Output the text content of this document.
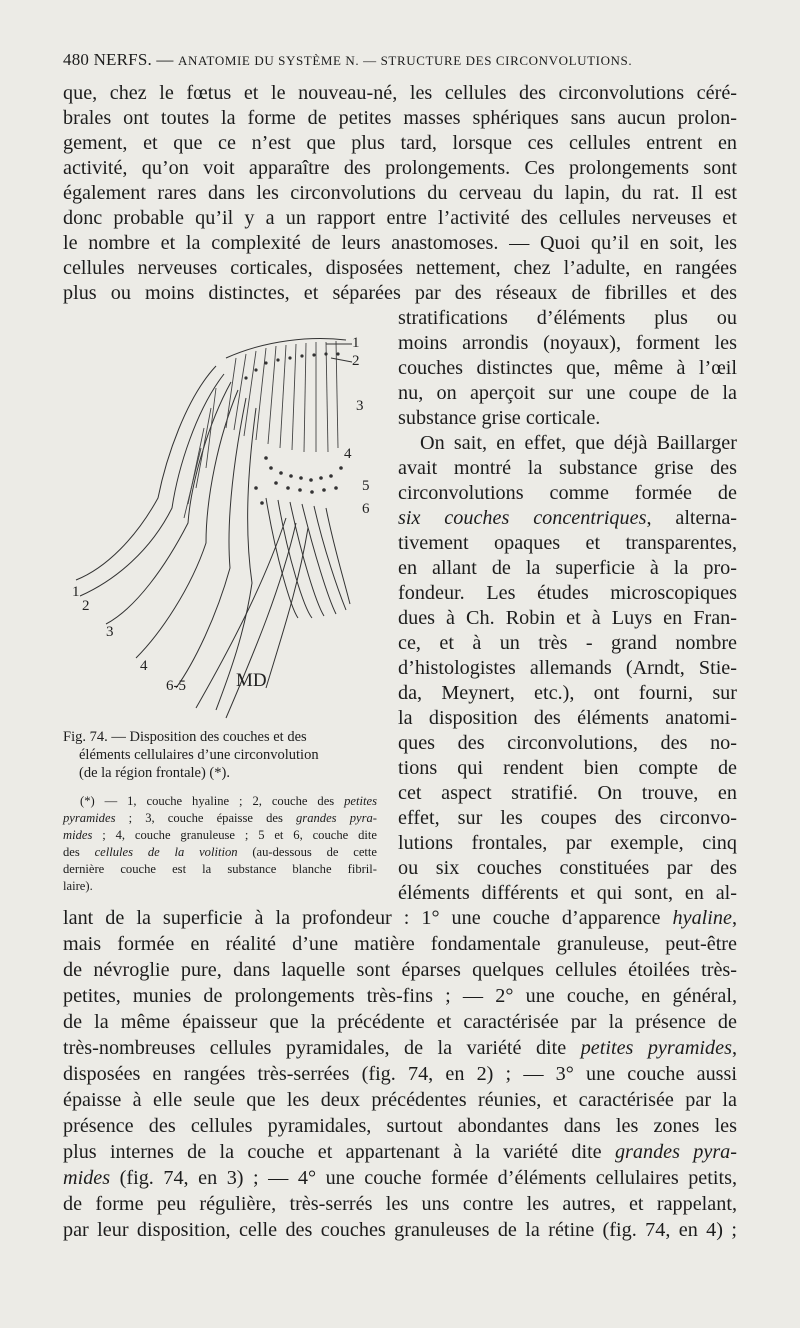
480 NERFS. — ANATOMIE DU SYSTÈME N. — STRUCTURE DES CIRCONVOLUTIONS.
que, chez le fœtus et le nouveau-né, les cellules des circonvolutions céré-
brales ont toutes la forme de petites masses sphériques sans aucun prolon-
gement, et que ce n’est que plus tard, lorsque ces cellules entrent en
activité, qu’on voit apparaître des prolongements. Ces prolongements sont
également rares dans les circonvolutions du cerveau du lapin, du rat. Il est
donc probable qu’il y a un rapport entre l’activité des cellules nerveuses et
le nombre et la complexité de leurs anastomoses. — Quoi qu’il en soit, les
cellules nerveuses corticales, disposées nettement, chez l’adulte, en rangées
plus ou moins distinctes, et séparées par des réseaux de fibrilles et des
stratifications d’éléments plus ou
moins arrondis (noyaux), forment les
couches distinctes que, même à l’œil
nu, on aperçoit sur une coupe de la
substance grise corticale.
On sait, en effet, que déjà Baillarger
avait montré la substance grise des
circonvolutions comme formée de
six couches concentriques, alterna-
tivement opaques et transparentes,
en allant de la superficie à la pro-
fondeur. Les études microscopiques
dues à Ch. Robin et à Luys en Fran-
ce, et à un très - grand nombre
d’histologistes allemands (Arndt, Stie-
da, Meynert, etc.), ont fourni, sur
la disposition des éléments anatomi-
ques des circonvolutions, des no-
tions qui rendent bien compte de
cet aspect stratifié. On trouve, en
effet, sur les coupes des circonvo-
lutions frontales, par exemple, cinq
ou six couches constituées par des
éléments différents et qui sont, en al-
1
2
3
4
5
6
1
2
3
4
6-5	MD
Fig. 74. — Disposition des couches et des
éléments cellulaires d’une circonvolution
(de la région frontale) (*).
(*) — 1, couche hyaline ; 2, couche des petites
pyramides ; 3, couche épaisse des grandes pyra-
mides ; 4, couche granuleuse ; 5 et 6, couche dite
des cellules de la volition (au-dessous de cette
dernière couche est la substance blanche fibril-
laire).
lant de la superficie à la profondeur : 1° une couche d’apparence hyaline,
mais formée en réalité d’une matière fondamentale granuleuse, peut-être
de névroglie pure, dans laquelle sont éparses quelques cellules étoilées très-
petites, munies de prolongements très-fins ; — 2° une couche, en général,
de la même épaisseur que la précédente et caractérisée par la présence de
très-nombreuses cellules pyramidales, de la variété dite petites pyramides,
disposées en rangées très-serrées (fig. 74, en 2) ; — 3° une couche aussi
épaisse à elle seule que les deux précédentes réunies, et caractérisée par la
présence des cellules pyramidales, surtout abondantes dans les zones les
plus internes de la couche et appartenant à la variété dite grandes pyra-
mides (fig. 74, en 3) ; — 4° une couche formée d’éléments cellulaires petits,
de forme peu régulière, très-serrés les uns contre les autres, et rappelant,
par leur disposition, celle des couches granuleuses de la rétine (fig. 74, en 4) ;
